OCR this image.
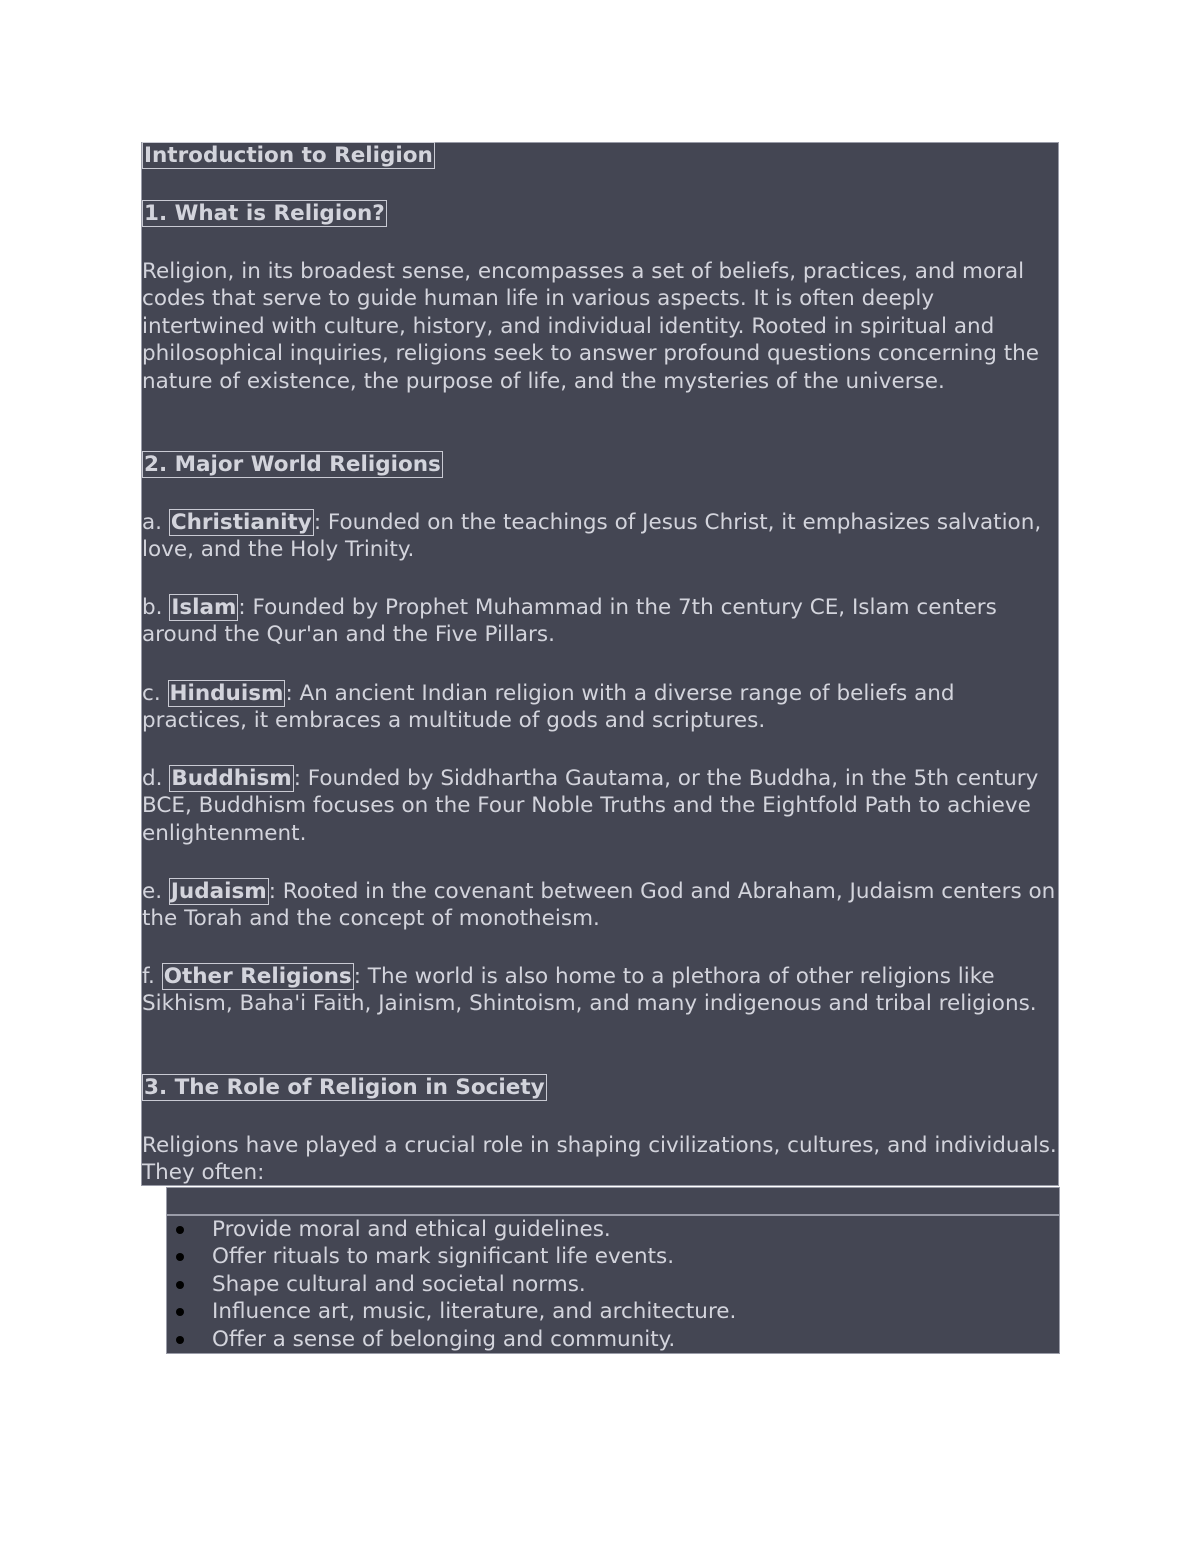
Introduction to Religion
1. What is Religion?
Religion, in its broadest sense, encompasses a set of beliefs, practices, and moral codes that serve to guide human life in various aspects. It is often deeply intertwined with culture, history, and individual identity. Rooted in spiritual and philosophical inquiries, religions seek to answer profound questions concerning the nature of existence, the purpose of life, and the mysteries of the universe.
2. Major World Religions
a. Christianity: Founded on the teachings of Jesus Christ, it emphasizes salvation, love, and the Holy Trinity.
b. Islam: Founded by Prophet Muhammad in the 7th century CE, Islam centers around the Qur'an and the Five Pillars.
c. Hinduism: An ancient Indian religion with a diverse range of beliefs and practices, it embraces a multitude of gods and scriptures.
d. Buddhism: Founded by Siddhartha Gautama, or the Buddha, in the 5th century BCE, Buddhism focuses on the Four Noble Truths and the Eightfold Path to achieve enlightenment.
e. Judaism: Rooted in the covenant between God and Abraham, Judaism centers on the Torah and the concept of monotheism.
f. Other Religions: The world is also home to a plethora of other religions like Sikhism, Baha'i Faith, Jainism, Shintoism, and many indigenous and tribal religions.
3. The Role of Religion in Society
Religions have played a crucial role in shaping civilizations, cultures, and individuals. They often:
Provide moral and ethical guidelines.
Offer rituals to mark significant life events.
Shape cultural and societal norms.
Influence art, music, literature, and architecture.
Offer a sense of belonging and community.
